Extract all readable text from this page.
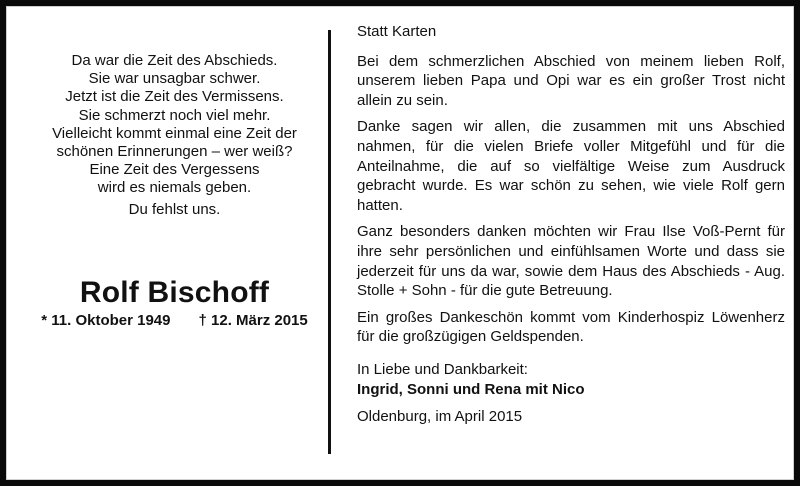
Da war die Zeit des Abschieds.
Sie war unsagbar schwer.
Jetzt ist die Zeit des Vermissens.
Sie schmerzt noch viel mehr.
Vielleicht kommt einmal eine Zeit der
schönen Erinnerungen – wer weiß?
Eine Zeit des Vergessens
wird es niemals geben.
Du fehlst uns.
Rolf Bischoff
* 11. Oktober 1949 † 12. März 2015

Statt Karten

Bei dem schmerzlichen Abschied von meinem lieben Rolf, unserem lieben Papa und Opi war es ein großer Trost nicht allein zu sein.

Danke sagen wir allen, die zusammen mit uns Abschied nahmen, für die vielen Briefe voller Mitgefühl und für die Anteilnahme, die auf so vielfältige Weise zum Ausdruck gebracht wurde. Es war schön zu sehen, wie viele Rolf gern hatten.

Ganz besonders danken möchten wir Frau Ilse Voß-Pernt für ihre sehr persönlichen und einfühlsamen Worte und dass sie jederzeit für uns da war, sowie dem Haus des Abschieds - Aug. Stolle + Sohn - für die gute Betreuung.

Ein großes Dankeschön kommt vom Kinderhospiz Löwenherz für die großzügigen Geldspenden.

In Liebe und Dankbarkeit:
Ingrid, Sonni und Rena mit Nico

Oldenburg, im April 2015
